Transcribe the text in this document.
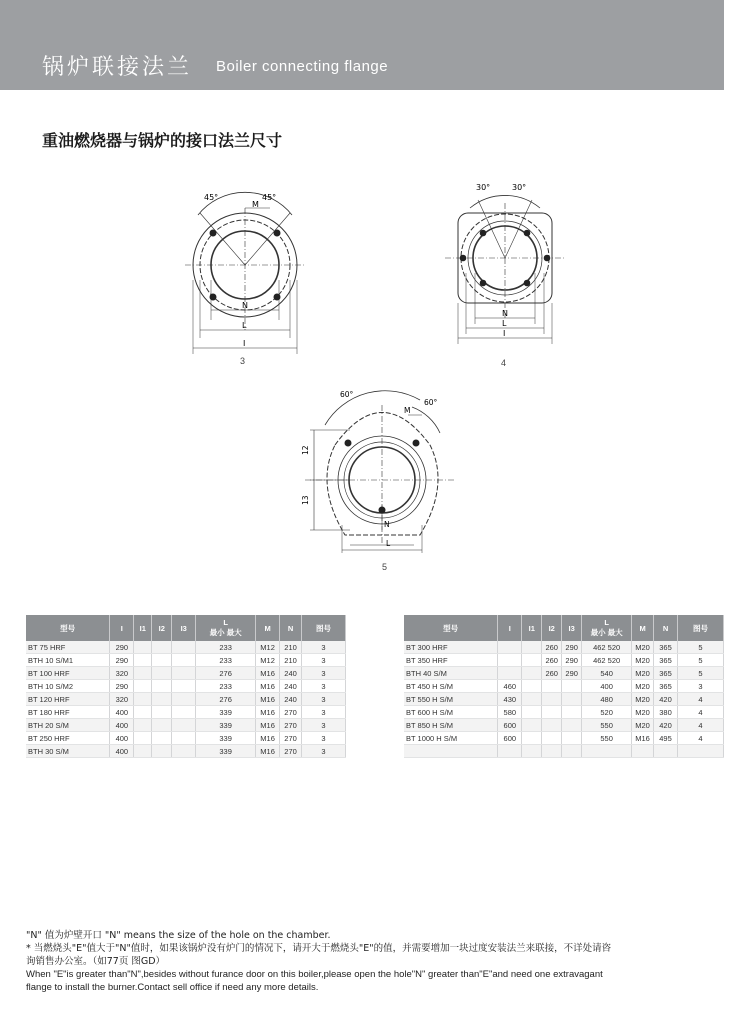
锅炉联接法兰 Boiler connecting flange
重油燃烧器与锅炉的接口法兰尺寸
45°	45°
M
N
L
I
3
30°	30°
N
L
I
4
60°
60°
M
N
L
12
13
5
型号	I	I1	I2	I3	L
最小 最大	M	N	图号
BT 75 HRF	290				233	M12	210	3
BTH 10 S/M1	290				233	M12	210	3
BT 100 HRF	320				276	M16	240	3
BTH 10 S/M2	290				233	M16	240	3
BT 120 HRF	320				276	M16	240	3
BT 180 HRF	400				339	M16	270	3
BTH 20 S/M	400				339	M16	270	3
BT 250 HRF	400				339	M16	270	3
BTH 30 S/M	400				339	M16	270	3
型号	I	I1	I2	I3	L
最小 最大	M	N	图号
BT 300 HRF			260	290	462 520	M20	365	5
BT 350 HRF			260	290	462 520	M20	365	5
BTH 40 S/M			260	290	540	M20	365	5
BT 450 H S/M	460				400	M20	365	3
BT 550 H S/M	430				480	M20	420	4
BT 600 H S/M	580				520	M20	380	4
BT 850 H S/M	600				550	M20	420	4
BT 1000 H S/M	600				550	M16	495	4

"N" 值为炉壁开口 "N" means the size of the hole on the chamber.
* 当燃烧头"E"值大于"N"值时，如果该锅炉没有炉门的情况下，请开大于燃烧头"E"的值，并需要增加一块过度安装法兰来联接，不详处请咨
询销售办公室。（如77页 图GD）
When "E"is greater than"N",besides without furance door on this boiler,please open the hole"N" greater than"E"and need one extravagant
flange to install the burner.Contact sell office if need any more details.
